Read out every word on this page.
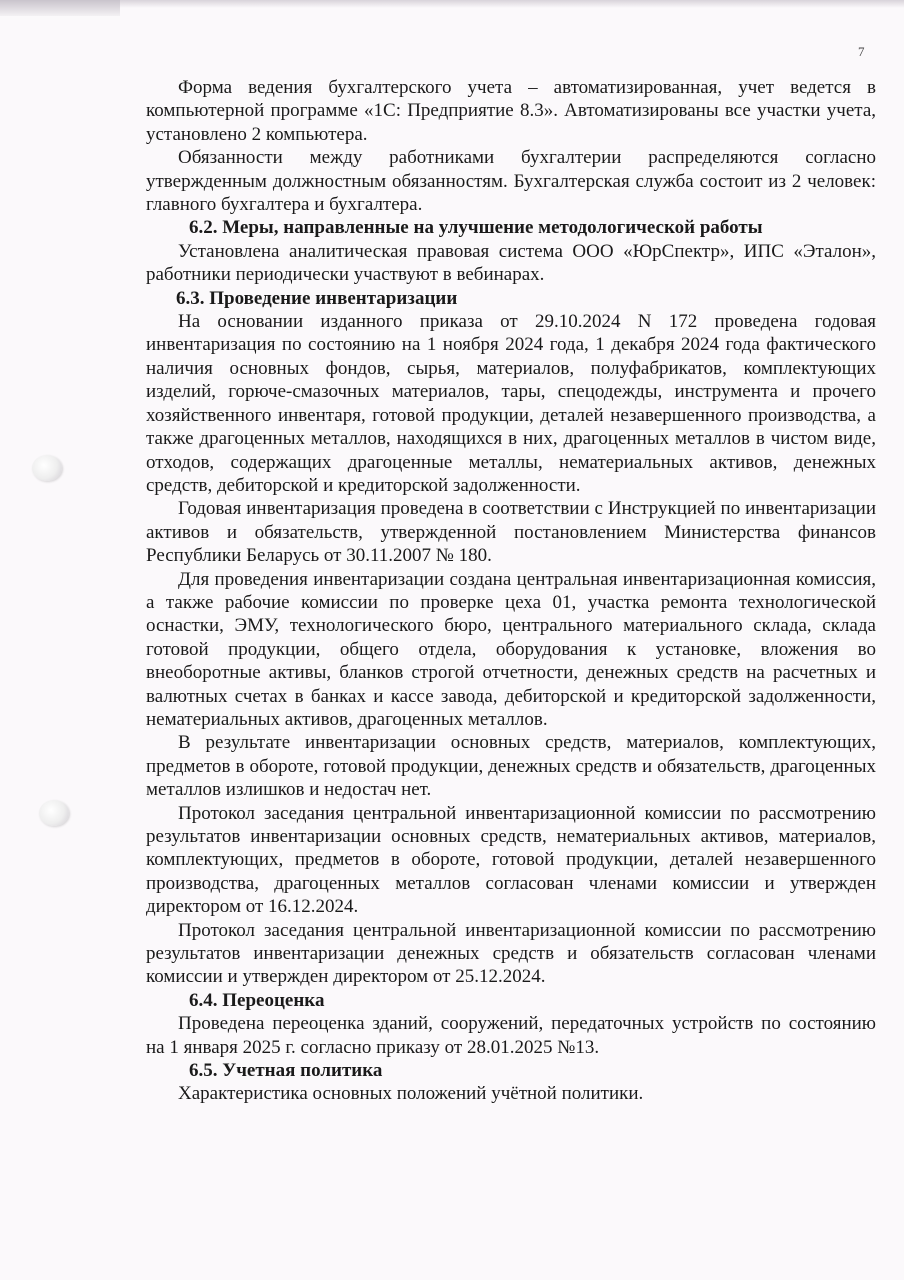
7

Форма ведения бухгалтерского учета – автоматизированная, учет ведется в компьютерной программе «1С: Предприятие 8.3». Автоматизированы все участки учета, установлено 2 компьютера.

Обязанности между работниками бухгалтерии распределяются согласно утвержденным должностным обязанностям. Бухгалтерская служба состоит из 2 человек: главного бухгалтера и бухгалтера.

6.2. Меры, направленные на улучшение методологической работы

Установлена аналитическая правовая система ООО «ЮрСпектр», ИПС «Эталон», работники периодически участвуют в вебинарах.

6.3. Проведение инвентаризации

На основании изданного приказа от 29.10.2024 N 172 проведена годовая инвентаризация по состоянию на 1 ноября 2024 года, 1 декабря 2024 года фактического наличия основных фондов, сырья, материалов, полуфабрикатов, комплектующих изделий, горюче-смазочных материалов, тары, спецодежды, инструмента и прочего хозяйственного инвентаря, готовой продукции, деталей незавершенного производства, а также драгоценных металлов, находящихся в них, драгоценных металлов в чистом виде, отходов, содержащих драгоценные металлы, нематериальных активов, денежных средств, дебиторской и кредиторской задолженности.

Годовая инвентаризация проведена в соответствии с Инструкцией по инвентаризации активов и обязательств, утвержденной постановлением Министерства финансов Республики Беларусь от 30.11.2007 № 180.

Для проведения инвентаризации создана центральная инвентаризационная комиссия, а также рабочие комиссии по проверке цеха 01, участка ремонта технологической оснастки, ЭМУ, технологического бюро, центрального материального склада, склада готовой продукции, общего отдела, оборудования к установке, вложения во внеоборотные активы, бланков строгой отчетности, денежных средств на расчетных и валютных счетах в банках и кассе завода, дебиторской и кредиторской задолженности, нематериальных активов, драгоценных металлов.

В результате инвентаризации основных средств, материалов, комплектующих, предметов в обороте, готовой продукции, денежных средств и обязательств, драгоценных металлов излишков и недостач нет.

Протокол заседания центральной инвентаризационной комиссии по рассмотрению результатов инвентаризации основных средств, нематериальных активов, материалов, комплектующих, предметов в обороте, готовой продукции, деталей незавершенного производства, драгоценных металлов согласован членами комиссии и утвержден директором от 16.12.2024.

Протокол заседания центральной инвентаризационной комиссии по рассмотрению результатов инвентаризации денежных средств и обязательств согласован членами комиссии и утвержден директором от 25.12.2024.

6.4. Переоценка

Проведена переоценка зданий, сооружений, передаточных устройств по состоянию на 1 января 2025 г. согласно приказу от 28.01.2025 №13.

6.5. Учетная политика

Характеристика основных положений учётной политики.
